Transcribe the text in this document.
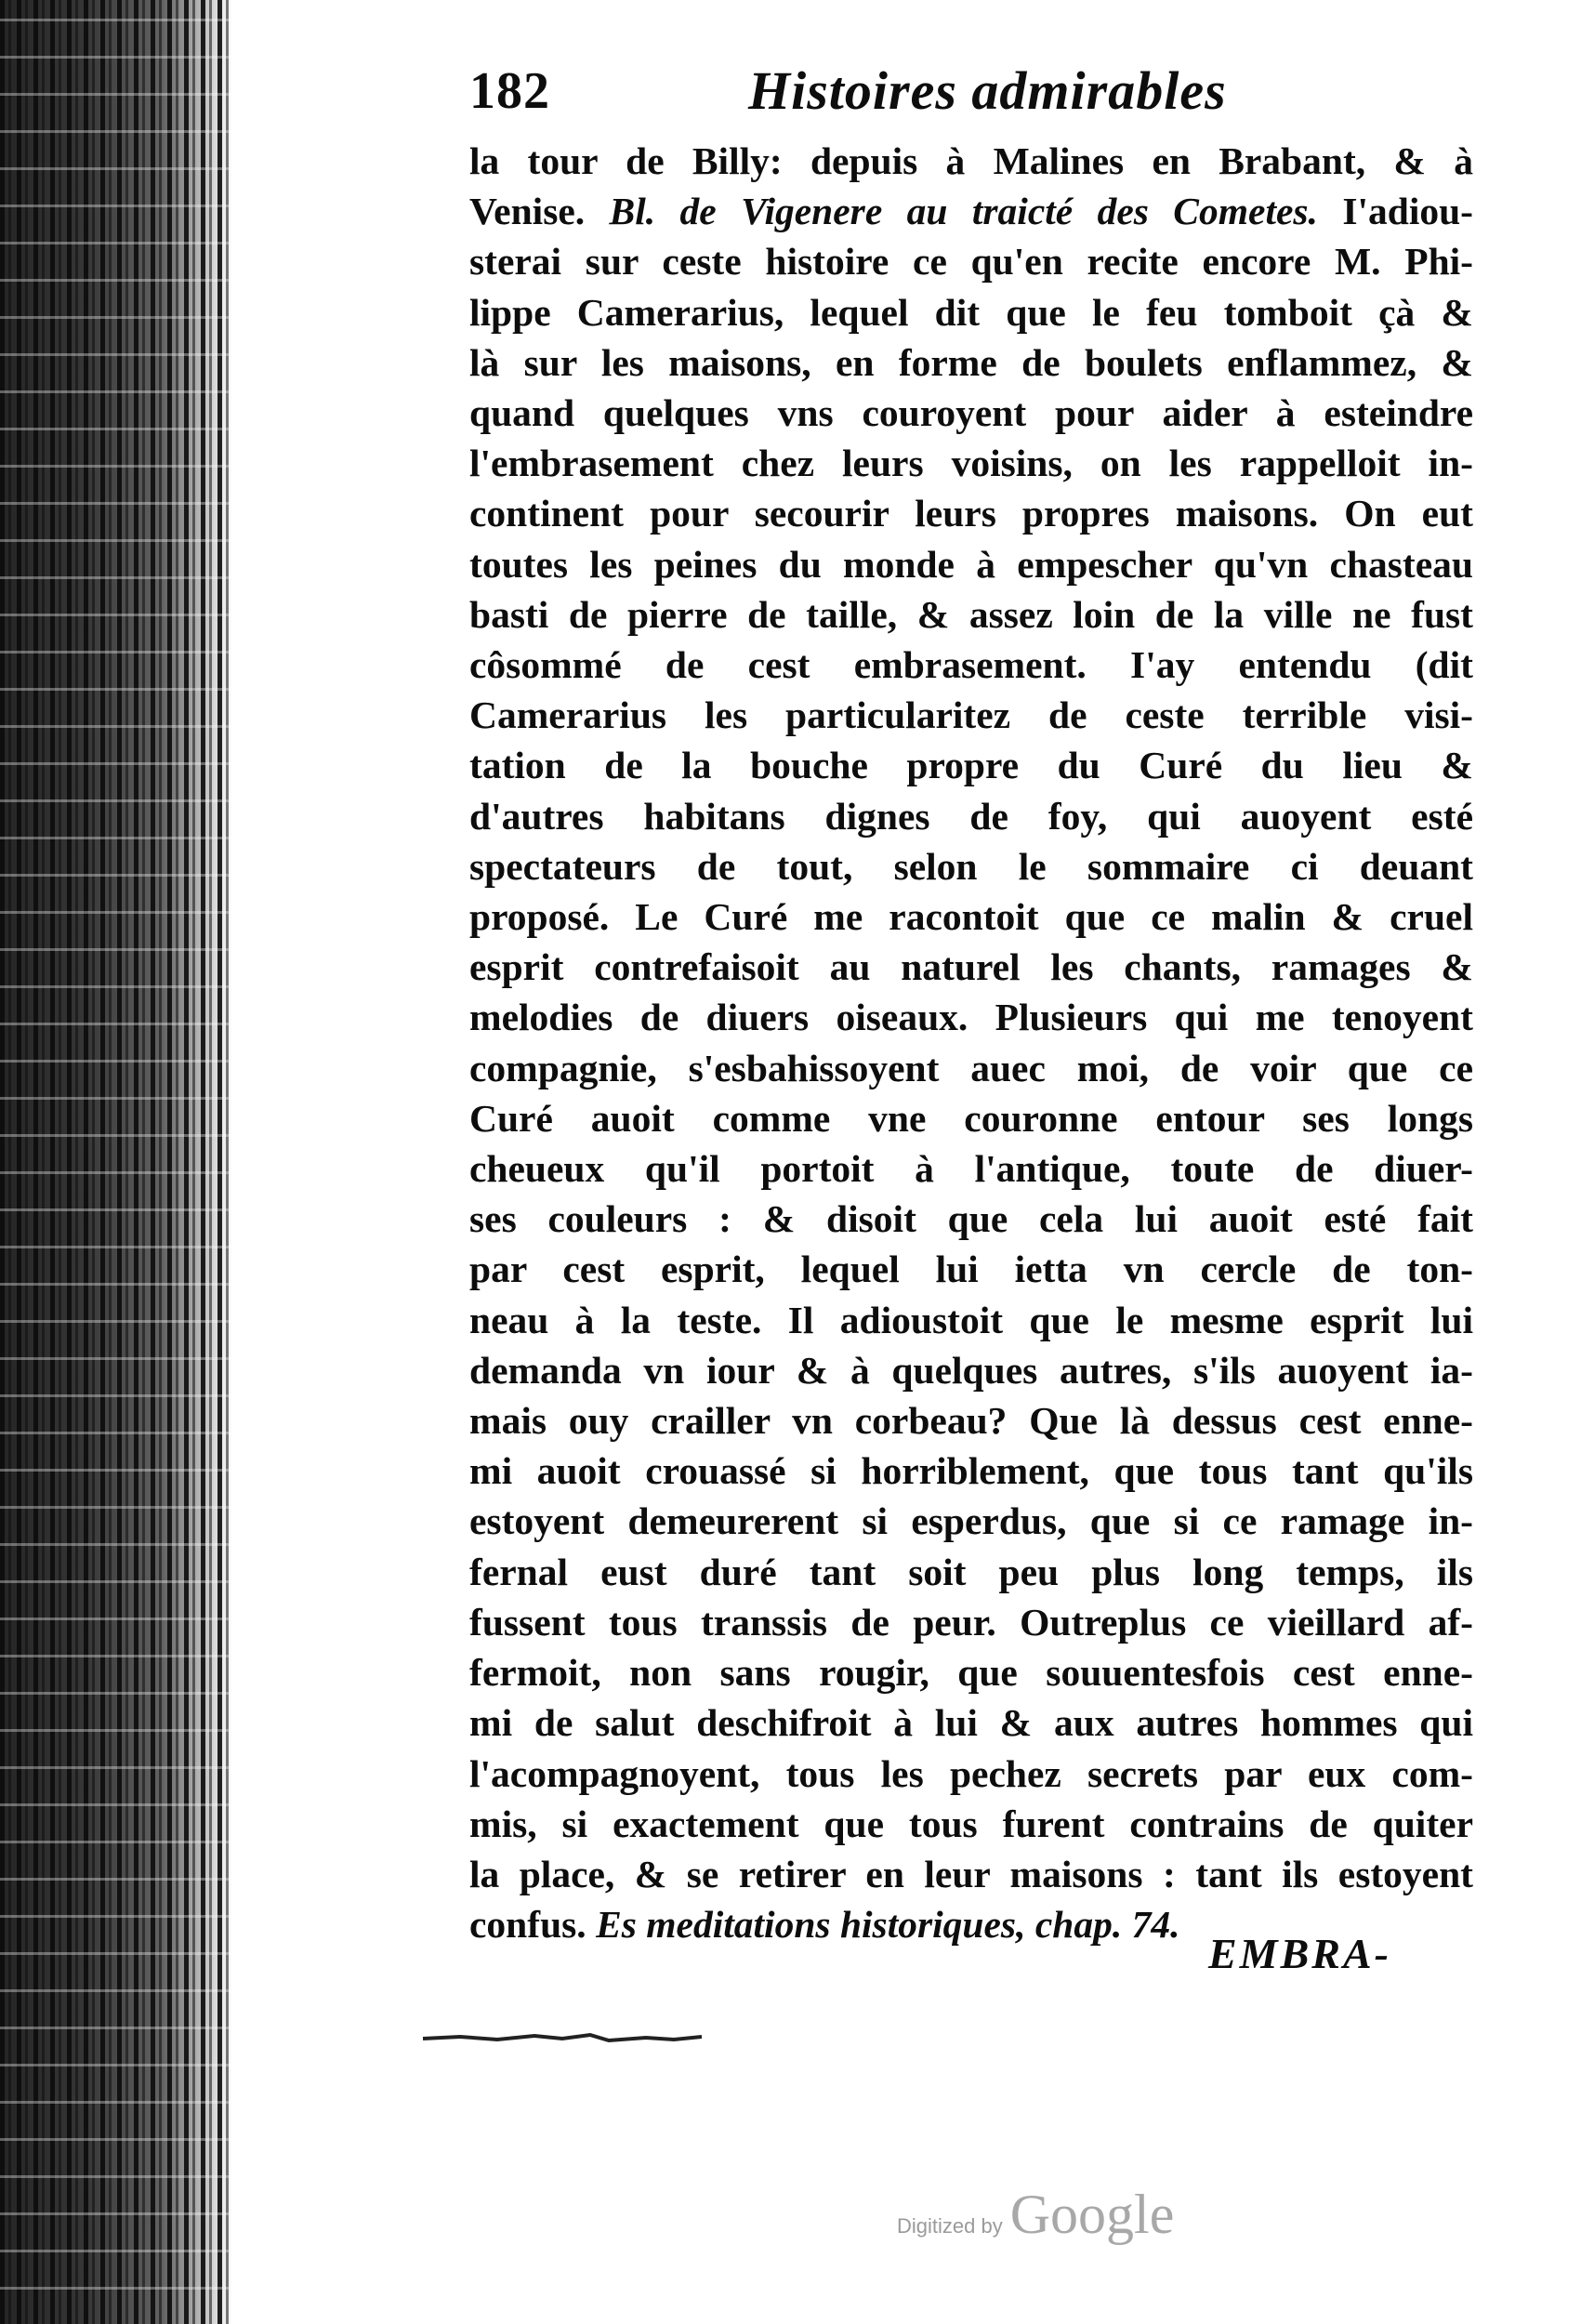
182	Histoires admirables
la tour de Billy: depuis à Malines en Brabant, & à
Venise. Bl. de Vigenere au traicté des Cometes. I'adiou-
sterai sur ceste histoire ce qu'en recite encore M. Phi-
lippe Camerarius, lequel dit que le feu tomboit çà &
là sur les maisons, en forme de boulets enflammez, &
quand quelques vns couroyent pour aider à esteindre
l'embrasement chez leurs voisins, on les rappelloit in-
continent pour secourir leurs propres maisons. On eut
toutes les peines du monde à empescher qu'vn chasteau
basti de pierre de taille, & assez loin de la ville ne fust
côsommé de cest embrasement. I'ay entendu (dit
Camerarius les particularitez de ceste terrible visi-
tation de la bouche propre du Curé du lieu &
d'autres habitans dignes de foy, qui auoyent esté
spectateurs de tout, selon le sommaire ci deuant
proposé. Le Curé me racontoit que ce malin & cruel
esprit contrefaisoit au naturel les chants, ramages &
melodies de diuers oiseaux. Plusieurs qui me tenoyent
compagnie, s'esbahissoyent auec moi, de voir que ce
Curé auoit comme vne couronne entour ses longs
cheueux qu'il portoit à l'antique, toute de diuer-
ses couleurs : & disoit que cela lui auoit esté fait
par cest esprit, lequel lui ietta vn cercle de ton-
neau à la teste. Il adioustoit que le mesme esprit lui
demanda vn iour & à quelques autres, s'ils auoyent ia-
mais ouy crailler vn corbeau? Que là dessus cest enne-
mi auoit crouassé si horriblement, que tous tant qu'ils
estoyent demeurerent si esperdus, que si ce ramage in-
fernal eust duré tant soit peu plus long temps, ils
fussent tous transsis de peur. Outreplus ce vieillard af-
fermoit, non sans rougir, que souuentesfois cest enne-
mi de salut deschifroit à lui & aux autres hommes qui
l'acompagnoyent, tous les pechez secrets par eux com-
mis, si exactement que tous furent contrains de quiter
la place, & se retirer en leur maisons : tant ils estoyent
confus. Es meditations historiques, chap. 74.
EMBRA-
Digitized by Google
